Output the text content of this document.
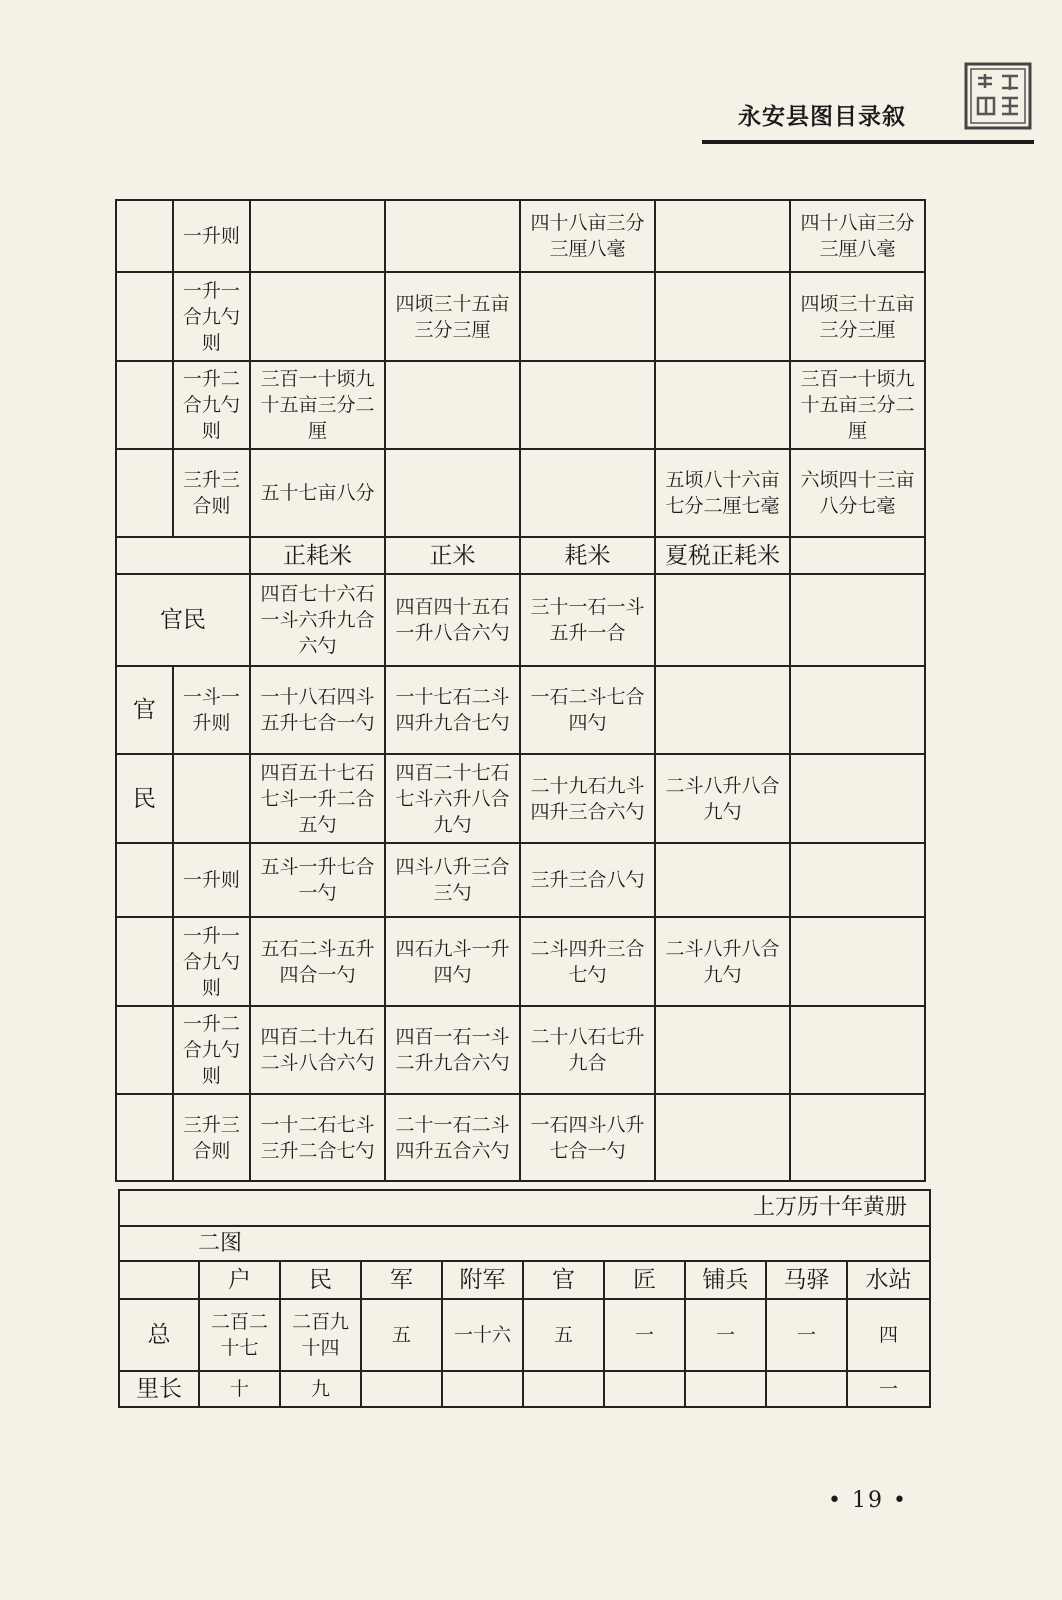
永安县图目录叙
	一升则			四十八亩三分三厘八毫		四十八亩三分三厘八毫
	一升一合九勺则		四顷三十五亩三分三厘			四顷三十五亩三分三厘
	一升二合九勺则	三百一十顷九十五亩三分二厘				三百一十顷九十五亩三分二厘
	三升三合则	五十七亩八分			五顷八十六亩七分二厘七毫	六顷四十三亩八分七毫
		正耗米	正米	耗米	夏税正耗米	
官民		四百七十六石一斗六升九合六勺	四百四十五石一升八合六勺	三十一石一斗五升一合		
官	一斗一升则	一十八石四斗五升七合一勺	一十七石二斗四升九合七勺	一石二斗七合四勺		
民		四百五十七石七斗一升二合五勺	四百二十七石七斗六升八合九勺	二十九石九斗四升三合六勺	二斗八升八合九勺	
	一升则	五斗一升七合一勺	四斗八升三合三勺	三升三合八勺		
	一升一合九勺则	五石二斗五升四合一勺	四石九斗一升四勺	二斗四升三合七勺	二斗八升八合九勺	
	一升二合九勺则	四百二十九石二斗八合六勺	四百一石一斗二升九合六勺	二十八石七升九合		
	三升三合则	一十二石七斗三升二合七勺	二十一石二斗四升五合六勺	一石四斗八升七合一勺		
上万历十年黄册									
二图									
	户	民	军	附军	官	匠	铺兵	马驿	水站
总	二百二十七	二百九十四	五	一十六	五	一	一	一	四
里长	十	九							一
• 19 •
